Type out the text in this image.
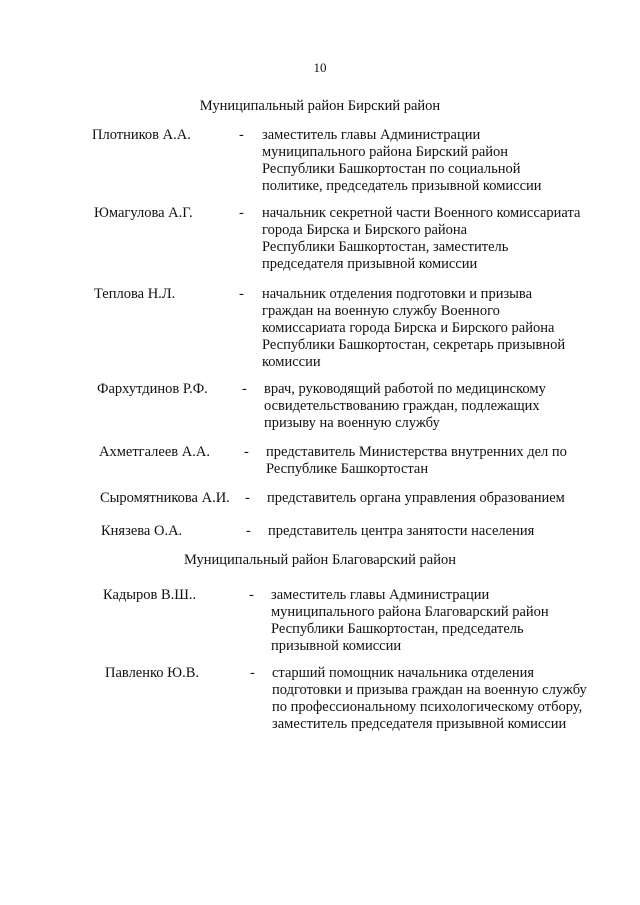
10
Муниципальный район Бирский район
Плотников А.А.	- заместитель главы Администрации
муниципального района Бирский район
Республики Башкортостан по социальной
политике, председатель призывной комиссии
Юмагулова А.Г.	- начальник секретной части Военного комиссариата
города Бирска и Бирского района
Республики Башкортостан, заместитель
председателя призывной комиссии
Теплова Н.Л.	- начальник отделения подготовки и призыва
граждан на военную службу Военного
комиссариата города Бирска и Бирского района
Республики Башкортостан, секретарь призывной
комиссии
Фархутдинов Р.Ф. - врач, руководящий работой по медицинскому
освидетельствованию граждан, подлежащих
призыву на военную службу
Ахметгалеев А.А. - представитель Министерства внутренних дел по
Республике Башкортостан
Сыромятникова А.И. - представитель органа управления образованием
Князева О.А.	- представитель центра занятости населения
Муниципальный район Благоварский район
Кадыров В.Ш..	- заместитель главы Администрации
муниципального района Благоварский район
Республики Башкортостан, председатель
призывной комиссии
Павленко Ю.В.	- старший помощник начальника отделения
подготовки и призыва граждан на военную службу
по профессиональному психологическому отбору,
заместитель председателя призывной комиссии
